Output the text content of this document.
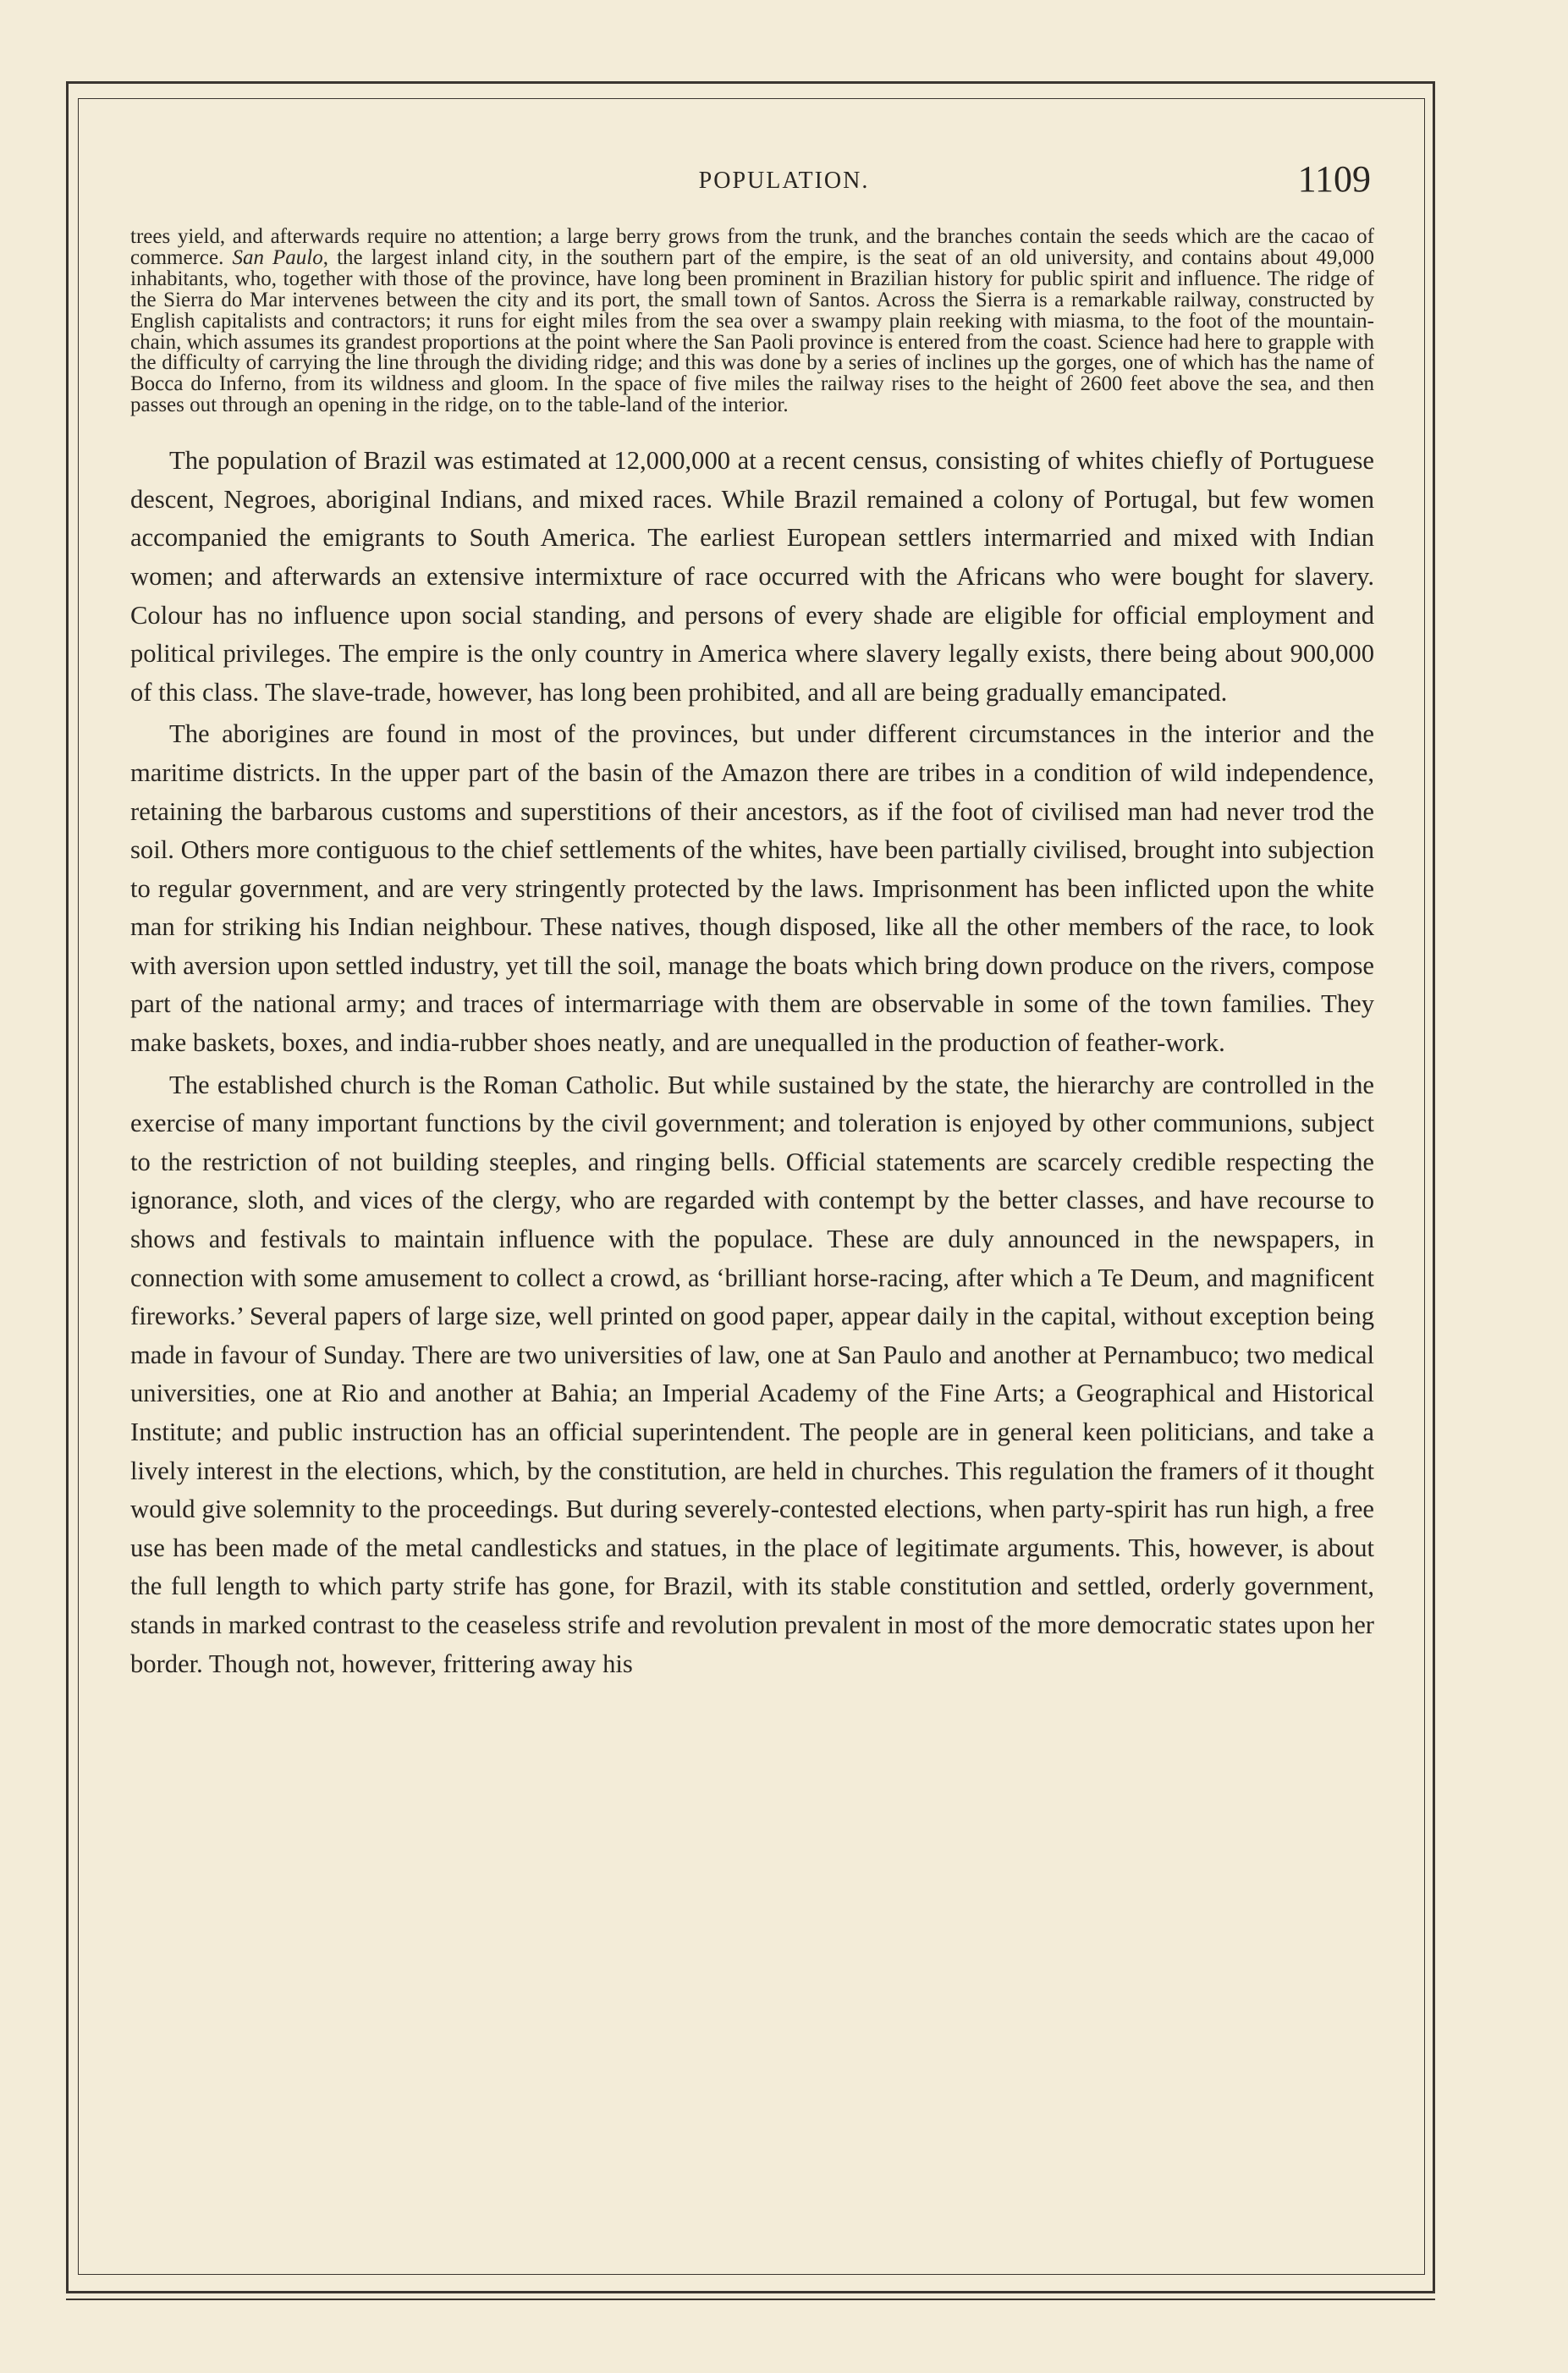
POPULATION.	1109

trees yield, and afterwards require no attention; a large berry grows from the trunk, and the branches contain the seeds which are the cacao of commerce. San Paulo, the largest inland city, in the southern part of the empire, is the seat of an old university, and contains about 49,000 inhabitants, who, together with those of the province, have long been prominent in Brazilian history for public spirit and influence. The ridge of the Sierra do Mar intervenes between the city and its port, the small town of Santos. Across the Sierra is a remarkable railway, constructed by English capitalists and contractors; it runs for eight miles from the sea over a swampy plain reeking with miasma, to the foot of the mountain-chain, which assumes its grandest proportions at the point where the San Paoli province is entered from the coast. Science had here to grapple with the difficulty of carrying the line through the dividing ridge; and this was done by a series of inclines up the gorges, one of which has the name of Bocca do Inferno, from its wildness and gloom. In the space of five miles the railway rises to the height of 2600 feet above the sea, and then passes out through an opening in the ridge, on to the table-land of the interior.

The population of Brazil was estimated at 12,000,000 at a recent census, consisting of whites chiefly of Portuguese descent, Negroes, aboriginal Indians, and mixed races. While Brazil remained a colony of Portugal, but few women accompanied the emigrants to South America. The earliest European settlers intermarried and mixed with Indian women; and afterwards an extensive intermixture of race occurred with the Africans who were bought for slavery. Colour has no influence upon social standing, and persons of every shade are eligible for official employment and political privileges. The empire is the only country in America where slavery legally exists, there being about 900,000 of this class. The slave-trade, however, has long been prohibited, and all are being gradually emancipated.

The aborigines are found in most of the provinces, but under different circumstances in the interior and the maritime districts. In the upper part of the basin of the Amazon there are tribes in a condition of wild independence, retaining the barbarous customs and superstitions of their ancestors, as if the foot of civilised man had never trod the soil. Others more contiguous to the chief settlements of the whites, have been partially civilised, brought into subjection to regular government, and are very stringently protected by the laws. Imprisonment has been inflicted upon the white man for striking his Indian neighbour. These natives, though disposed, like all the other members of the race, to look with aversion upon settled industry, yet till the soil, manage the boats which bring down produce on the rivers, compose part of the national army; and traces of intermarriage with them are observable in some of the town families. They make baskets, boxes, and india-rubber shoes neatly, and are unequalled in the production of feather-work.

The established church is the Roman Catholic. But while sustained by the state, the hierarchy are controlled in the exercise of many important functions by the civil government; and toleration is enjoyed by other communions, subject to the restriction of not building steeples, and ringing bells. Official statements are scarcely credible respecting the ignorance, sloth, and vices of the clergy, who are regarded with contempt by the better classes, and have recourse to shows and festivals to maintain influence with the populace. These are duly announced in the newspapers, in connection with some amusement to collect a crowd, as ‘brilliant horse-racing, after which a Te Deum, and magnificent fireworks.’ Several papers of large size, well printed on good paper, appear daily in the capital, without exception being made in favour of Sunday. There are two universities of law, one at San Paulo and another at Pernambuco; two medical universities, one at Rio and another at Bahia; an Imperial Academy of the Fine Arts; a Geographical and Historical Institute; and public instruction has an official superintendent. The people are in general keen politicians, and take a lively interest in the elections, which, by the constitution, are held in churches. This regulation the framers of it thought would give solemnity to the proceedings. But during severely-contested elections, when party-spirit has run high, a free use has been made of the metal candlesticks and statues, in the place of legitimate arguments. This, however, is about the full length to which party strife has gone, for Brazil, with its stable constitution and settled, orderly government, stands in marked contrast to the ceaseless strife and revolution prevalent in most of the more democratic states upon her border. Though not, however, frittering away his
